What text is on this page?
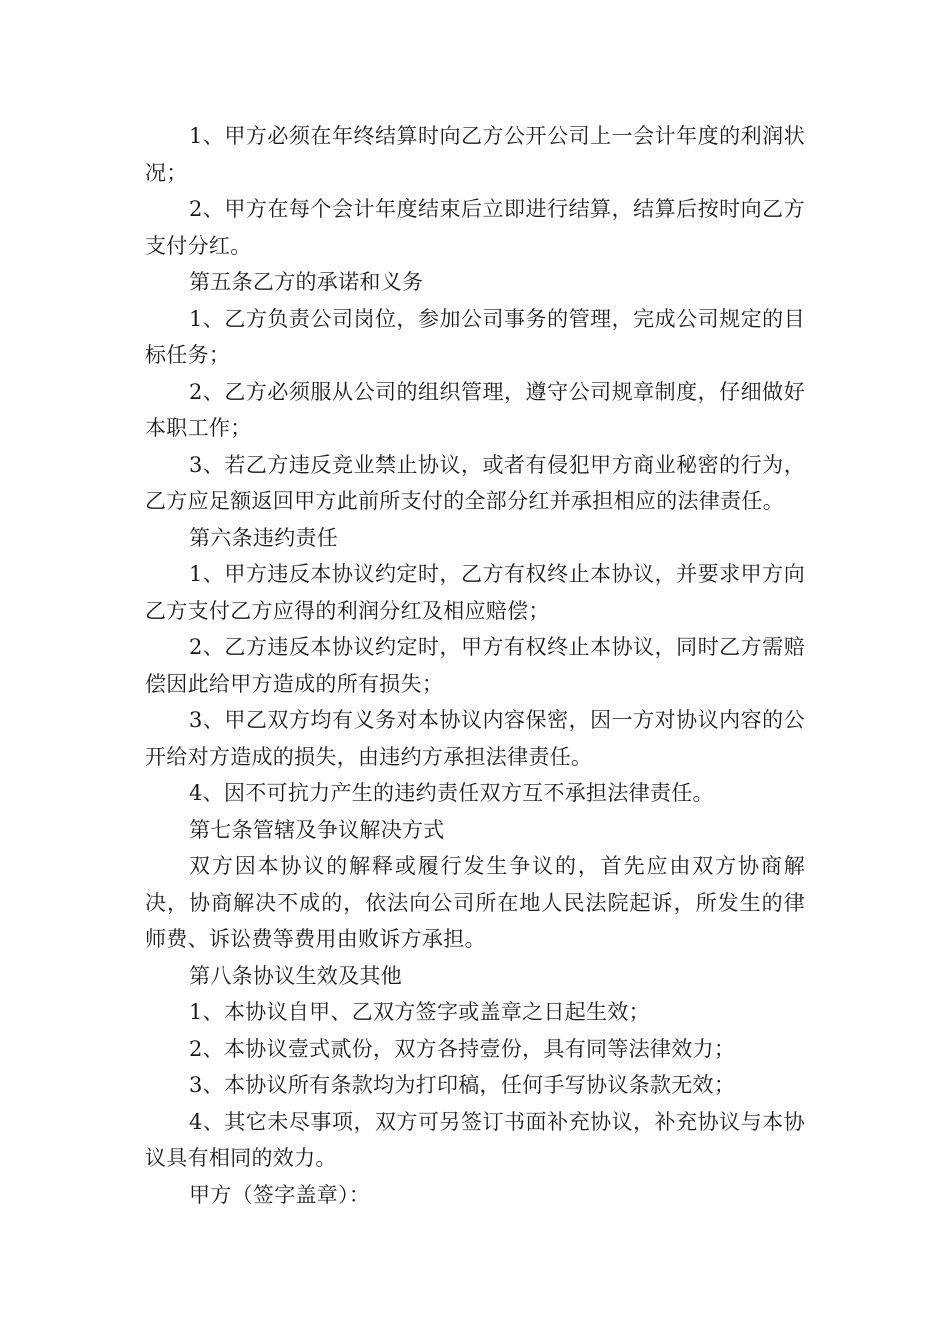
1、甲方必须在年终结算时向乙方公开公司上一会计年度的利润状况；

2、甲方在每个会计年度结束后立即进行结算，结算后按时向乙方支付分红。

第五条乙方的承诺和义务

1、乙方负责公司岗位，参加公司事务的管理，完成公司规定的目标任务；

2、乙方必须服从公司的组织管理，遵守公司规章制度，仔细做好本职工作；

3、若乙方违反竞业禁止协议，或者有侵犯甲方商业秘密的行为，乙方应足额返回甲方此前所支付的全部分红并承担相应的法律责任。

第六条违约责任

1、甲方违反本协议约定时，乙方有权终止本协议，并要求甲方向乙方支付乙方应得的利润分红及相应赔偿；

2、乙方违反本协议约定时，甲方有权终止本协议，同时乙方需赔偿因此给甲方造成的所有损失；

3、甲乙双方均有义务对本协议内容保密，因一方对协议内容的公开给对方造成的损失，由违约方承担法律责任。

4、因不可抗力产生的违约责任双方互不承担法律责任。

第七条管辖及争议解决方式

双方因本协议的解释或履行发生争议的，首先应由双方协商解决，协商解决不成的，依法向公司所在地人民法院起诉，所发生的律师费、诉讼费等费用由败诉方承担。

第八条协议生效及其他

1、本协议自甲、乙双方签字或盖章之日起生效；

2、本协议壹式贰份，双方各持壹份，具有同等法律效力；

3、本协议所有条款均为打印稿，任何手写协议条款无效；

4、其它未尽事项，双方可另签订书面补充协议，补充协议与本协议具有相同的效力。

甲方（签字盖章）：
